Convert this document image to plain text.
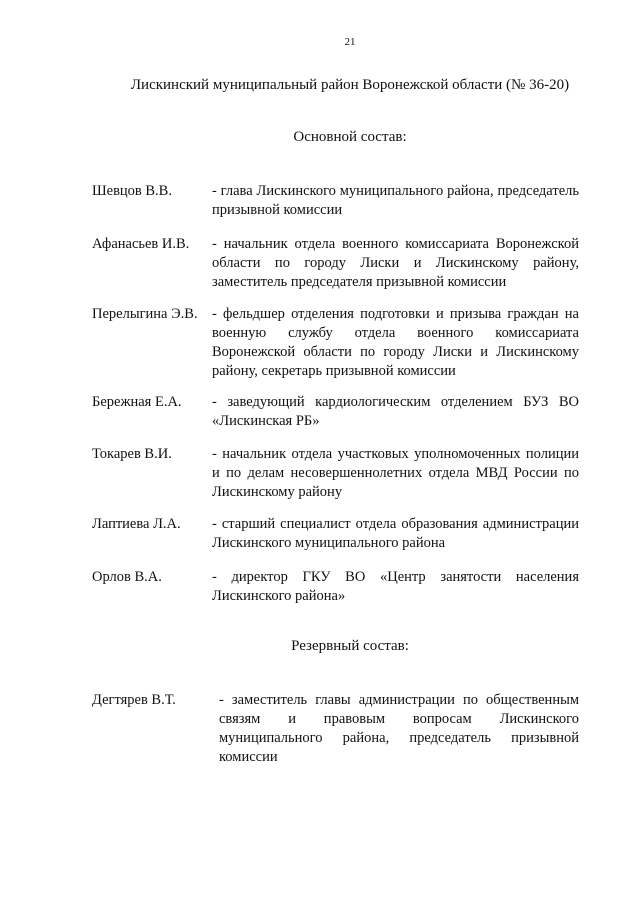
21
Лискинский муниципальный район Воронежской области (№ 36-20)
Основной состав:
Шевцов В.В.	- глава Лискинского муниципального района, председатель призывной комиссии
Афанасьев И.В. - начальник отдела военного комиссариата Воронежской области по городу Лиски и Лискинскому району, заместитель председателя призывной комиссии
Перелыгина Э.В. - фельдшер отделения подготовки и призыва граждан на военную службу отдела военного комиссариата Воронежской области по городу Лиски и Лискинскому району, секретарь призывной комиссии
Бережная Е.А. - заведующий кардиологическим отделением БУЗ ВО «Лискинская РБ»
Токарев В.И.	- начальник отдела участковых уполномоченных полиции и по делам несовершеннолетних отдела МВД России по Лискинскому району
Лаптиева Л.А. - старший специалист отдела образования администрации Лискинского муниципального района
Орлов В.А.	- директор ГКУ ВО «Центр занятости населения Лискинского района»
Резервный состав:
Дегтярев В.Т.	- заместитель главы администрации по общественным связям и правовым вопросам Лискинского муниципального района, председатель призывной комиссии
